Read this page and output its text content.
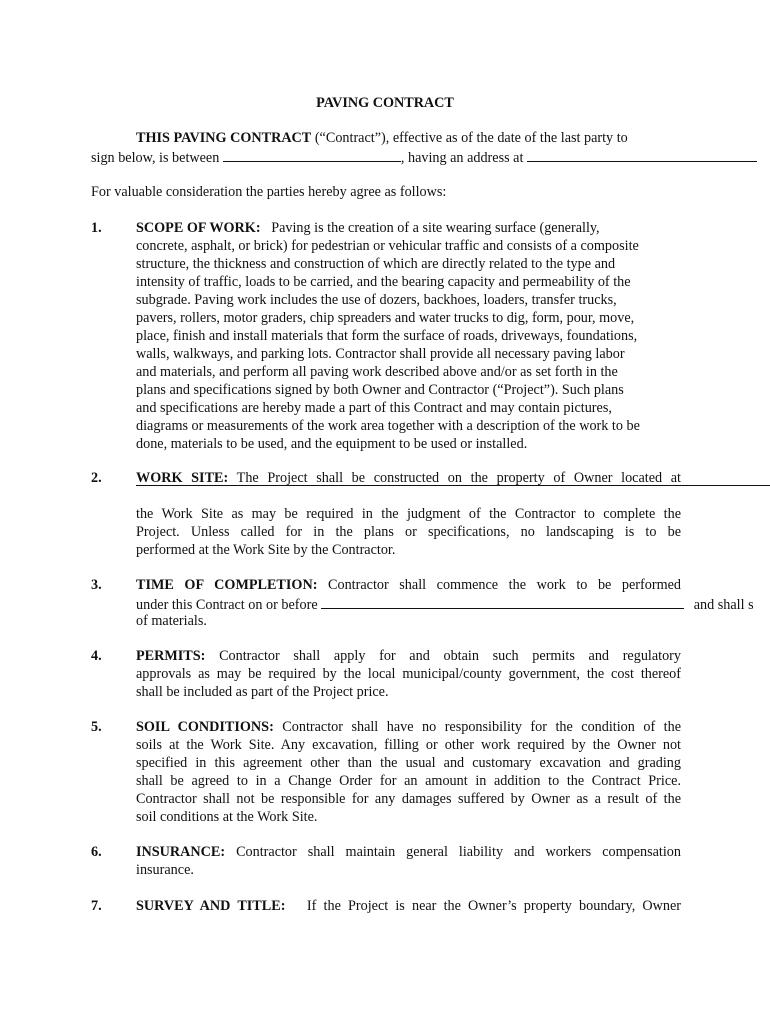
PAVING CONTRACT
THIS PAVING CONTRACT (“Contract”), effective as of the date of the last party to
sign below, is between	, having an address at
For valuable consideration the parties hereby agree as follows:
1. SCOPE OF WORK: Paving is the creation of a site wearing surface (generally,
concrete, asphalt, or brick) for pedestrian or vehicular traffic and consists of a composite
structure, the thickness and construction of which are directly related to the type and
intensity of traffic, loads to be carried, and the bearing capacity and permeability of the
subgrade. Paving work includes the use of dozers, backhoes, loaders, transfer trucks,
pavers, rollers, motor graders, chip spreaders and water trucks to dig, form, pour, move,
place, finish and install materials that form the surface of roads, driveways, foundations,
walls, walkways, and parking lots. Contractor shall provide all necessary paving labor
and materials, and perform all paving work described above and/or as set forth in the
plans and specifications signed by both Owner and Contractor (“Project”). Such plans
and specifications are hereby made a part of this Contract and may contain pictures,
diagrams or measurements of the work area together with a description of the work to be
done, materials to be used, and the equipment to be used or installed.
2. WORK SITE: The Project shall be constructed on the property of Owner located at
the Work Site as may be required in the judgment of the Contractor to complete the
Project. Unless called for in the plans or specifications, no landscaping is to be
performed at the Work Site by the Contractor.
3. TIME OF COMPLETION: Contractor shall commence the work to be performed
under this Contract on or before	and shall s
of materials.
4. PERMITS: Contractor shall apply for and obtain such permits and regulatory
approvals as may be required by the local municipal/county government, the cost thereof
shall be included as part of the Project price.
5. SOIL CONDITIONS: Contractor shall have no responsibility for the condition of the
soils at the Work Site. Any excavation, filling or other work required by the Owner not
specified in this agreement other than the usual and customary excavation and grading
shall be agreed to in a Change Order for an amount in addition to the Contract Price.
Contractor shall not be responsible for any damages suffered by Owner as a result of the
soil conditions at the Work Site.
6. INSURANCE: Contractor shall maintain general liability and workers compensation
insurance.
7. SURVEY AND TITLE: If the Project is near the Owner’s property boundary, Owner
